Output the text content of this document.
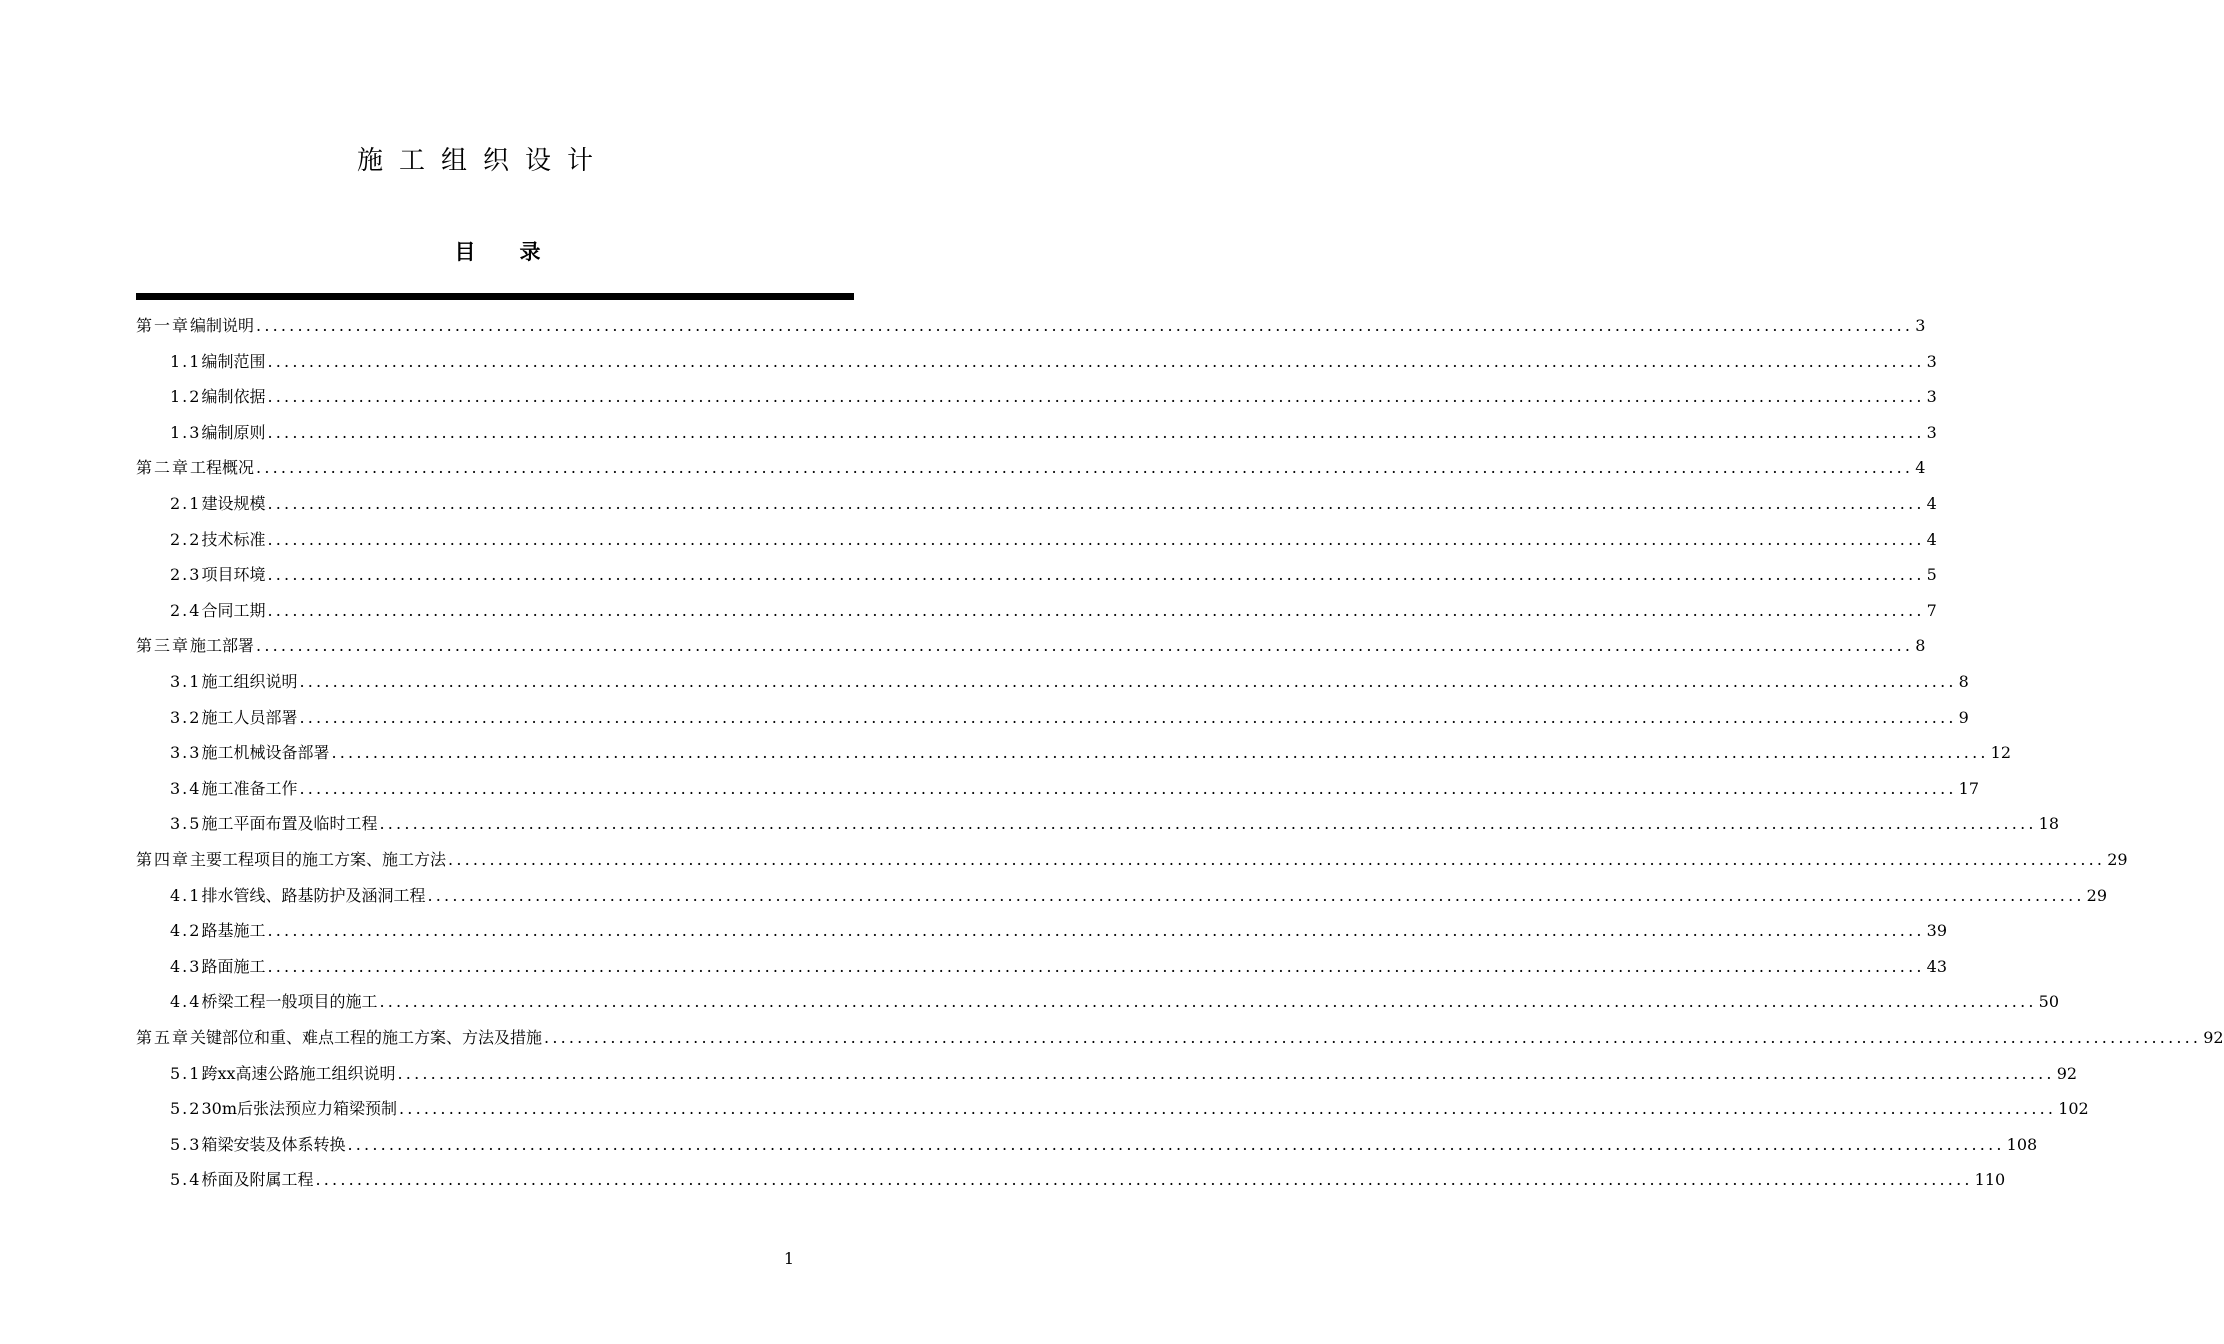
施工组织设计
目 录
第一章 编制说明 ........................................................................................................................................................................................................ 3
1.1 编制范围 ........................................................................................................................................................................................................ 3
1.2 编制依据 ........................................................................................................................................................................................................ 3
1.3 编制原则 ........................................................................................................................................................................................................ 3
第二章 工程概况 ........................................................................................................................................................................................................ 4
2.1 建设规模 ........................................................................................................................................................................................................ 4
2.2 技术标准 ........................................................................................................................................................................................................ 4
2.3 项目环境 ........................................................................................................................................................................................................ 5
2.4 合同工期 ........................................................................................................................................................................................................ 7
第三章 施工部署 ........................................................................................................................................................................................................ 8
3.1 施工组织说明 ........................................................................................................................................................................................................ 8
3.2 施工人员部署 ........................................................................................................................................................................................................ 9
3.3 施工机械设备部署 ........................................................................................................................................................................................................ 12
3.4 施工准备工作 ........................................................................................................................................................................................................ 17
3.5 施工平面布置及临时工程 ........................................................................................................................................................................................................ 18
第四章 主要工程项目的施工方案、施工方法 ........................................................................................................................................................................................................ 29
4.1 排水管线、路基防护及涵洞工程 ........................................................................................................................................................................................................ 29
4.2 路基施工 ........................................................................................................................................................................................................ 39
4.3 路面施工 ........................................................................................................................................................................................................ 43
4.4 桥梁工程一般项目的施工 ........................................................................................................................................................................................................ 50
第五章 关键部位和重、难点工程的施工方案、方法及措施 ........................................................................................................................................................................................................ 92
5.1 跨xx高速公路施工组织说明 ........................................................................................................................................................................................................ 92
5.2 30m后张法预应力箱梁预制 ........................................................................................................................................................................................................ 102
5.3 箱梁安装及体系转换 ........................................................................................................................................................................................................ 108
5.4 桥面及附属工程 ........................................................................................................................................................................................................ 110
1
